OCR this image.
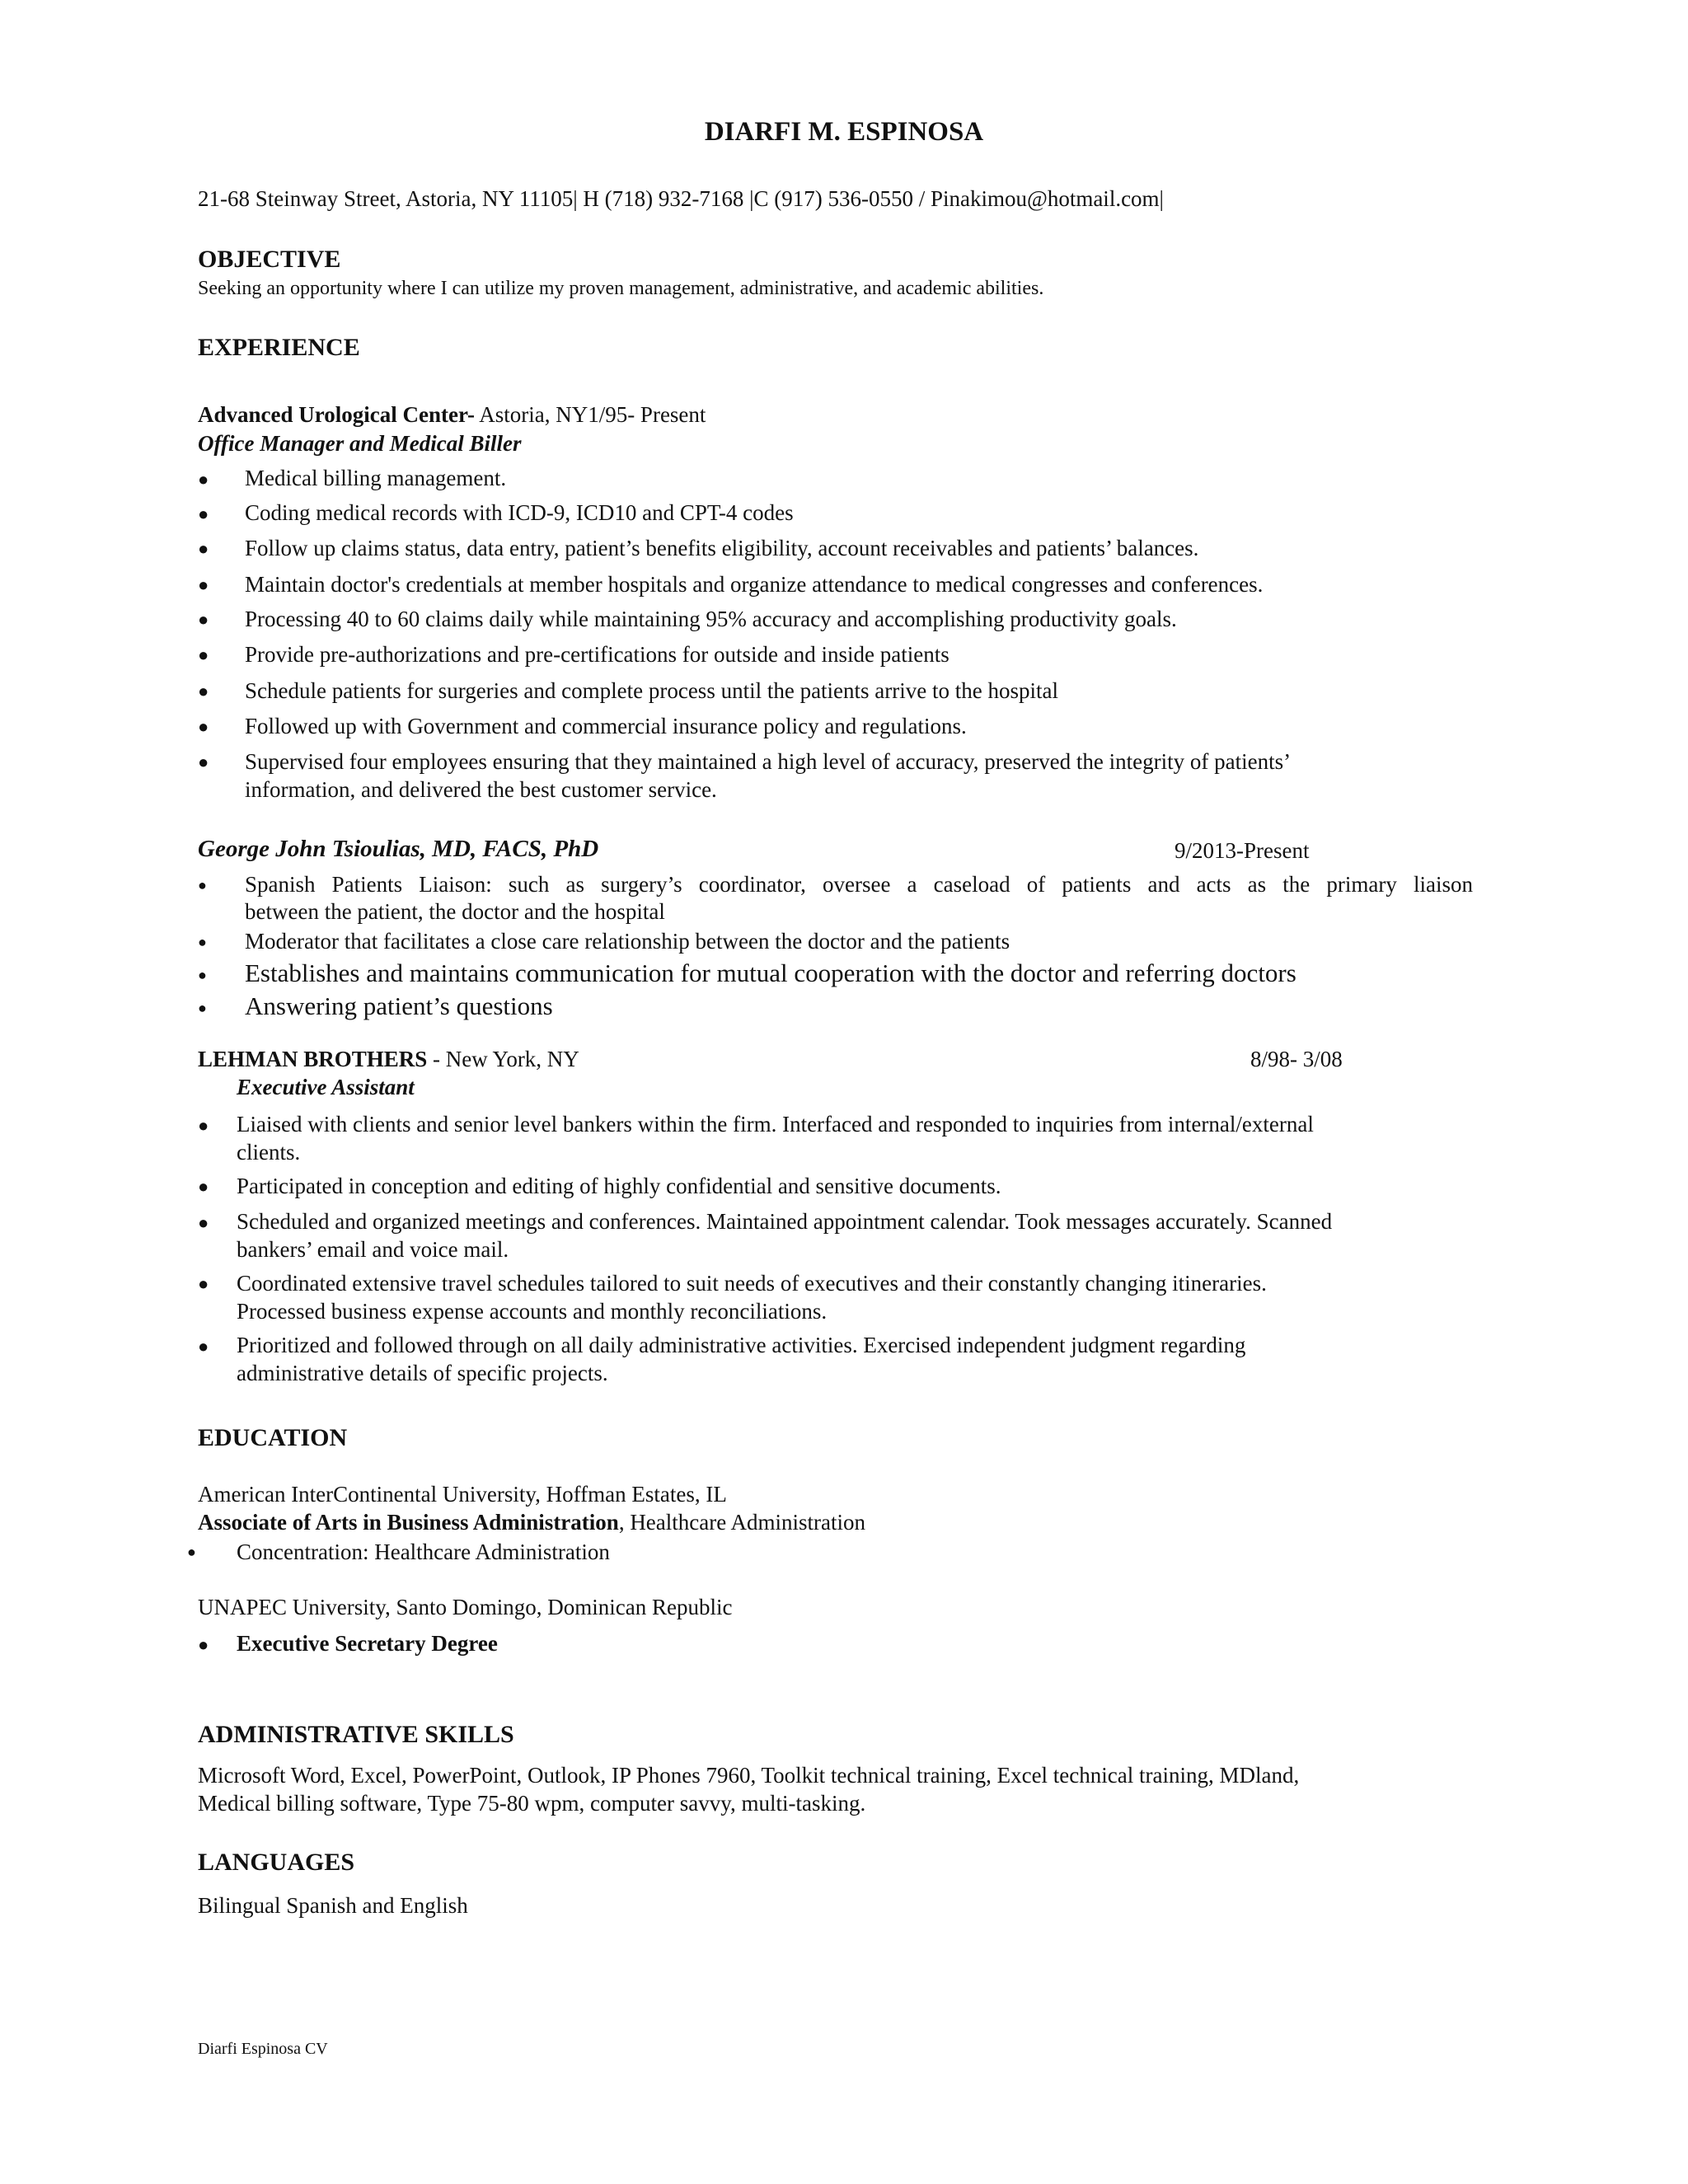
DIARFI M. ESPINOSA
21-68 Steinway Street, Astoria, NY 11105| H (718) 932-7168 |C (917) 536-0550 / Pinakimou@hotmail.com|
OBJECTIVE
Seeking an opportunity where I can utilize my proven management, administrative, and academic abilities.
EXPERIENCE
Advanced Urological Center- Astoria, NY1/95- Present
Office Manager and Medical Biller
● Medical billing management.
● Coding medical records with ICD-9, ICD10 and CPT-4 codes
● Follow up claims status, data entry, patient’s benefits eligibility, account receivables and patients’ balances.
● Maintain doctor's credentials at member hospitals and organize attendance to medical congresses and conferences.
● Processing 40 to 60 claims daily while maintaining 95% accuracy and accomplishing productivity goals.
● Provide pre-authorizations and pre-certifications for outside and inside patients
● Schedule patients for surgeries and complete process until the patients arrive to the hospital
● Followed up with Government and commercial insurance policy and regulations.
● Supervised four employees ensuring that they maintained a high level of accuracy, preserved the integrity of patients’
information, and delivered the best customer service.
George John Tsioulias, MD, FACS, PhD	9/2013-Present
● Spanish Patients Liaison: such as surgery’s coordinator, oversee a caseload of patients and acts as the primary liaison
between the patient, the doctor and the hospital
● Moderator that facilitates a close care relationship between the doctor and the patients
● Establishes and maintains communication for mutual cooperation with the doctor and referring doctors
● Answering patient’s questions
LEHMAN BROTHERS - New York, NY	8/98- 3/08
Executive Assistant
● Liaised with clients and senior level bankers within the firm. Interfaced and responded to inquiries from internal/external
clients.
● Participated in conception and editing of highly confidential and sensitive documents.
● Scheduled and organized meetings and conferences. Maintained appointment calendar. Took messages accurately. Scanned
bankers’ email and voice mail.
● Coordinated extensive travel schedules tailored to suit needs of executives and their constantly changing itineraries.
Processed business expense accounts and monthly reconciliations.
● Prioritized and followed through on all daily administrative activities. Exercised independent judgment regarding
administrative details of specific projects.
EDUCATION
American InterContinental University, Hoffman Estates, IL
Associate of Arts in Business Administration, Healthcare Administration
● Concentration: Healthcare Administration
UNAPEC University, Santo Domingo, Dominican Republic
● Executive Secretary Degree
ADMINISTRATIVE SKILLS
Microsoft Word, Excel, PowerPoint, Outlook, IP Phones 7960, Toolkit technical training, Excel technical training, MDland,
Medical billing software, Type 75-80 wpm, computer savvy, multi-tasking.
LANGUAGES
Bilingual Spanish and English
Diarfi Espinosa CV
